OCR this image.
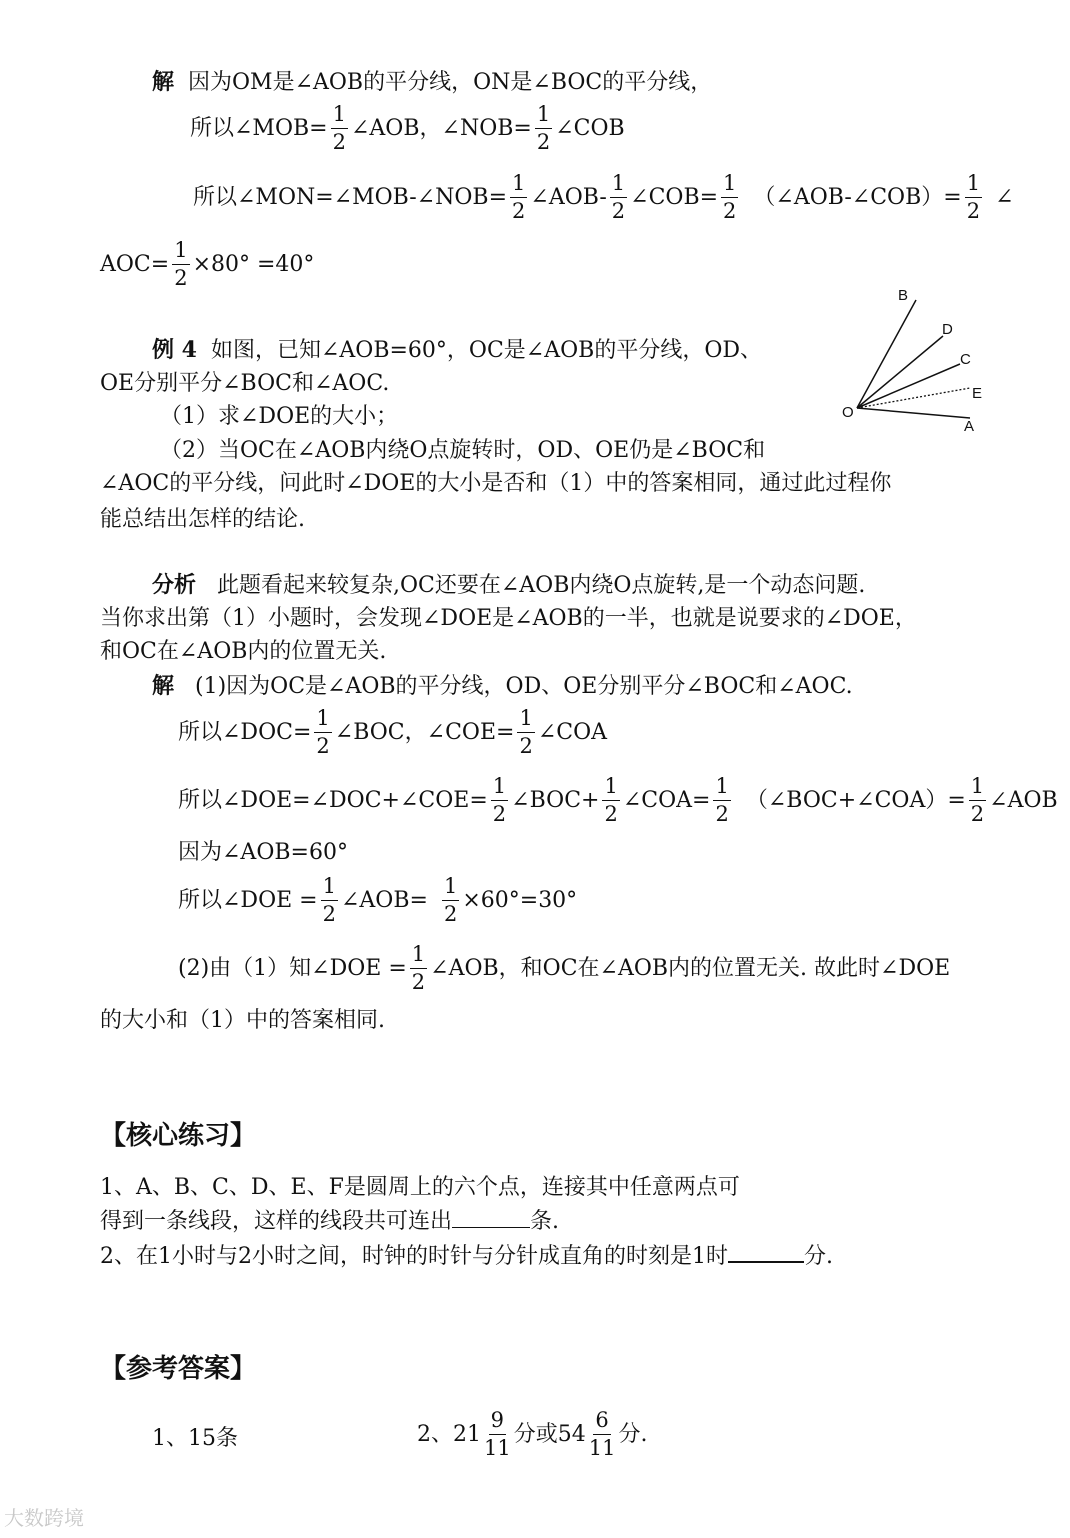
解 因为OM是∠AOB的平分线，ON是∠BOC的平分线，
所以∠MOB= $\frac{1}{2}$ ∠AOB，∠NOB= $\frac{1}{2}$ ∠COB
所以∠MON=∠MOB-∠NOB= $\frac{1}{2}$ ∠AOB- $\frac{1}{2}$ ∠COB= $\frac{1}{2}$ （∠AOB-∠COB）= $\frac{1}{2}$ ∠
$AOC= \frac{1}{2} \times 80^\circ =40^\circ$
B
D
C
E
O
A
例 4 如图，已知∠AOB=60°，OC是∠AOB的平分线，OD、
OE分别平分∠BOC和∠AOC.
（1）求∠DOE的大小；
（2）当OC在∠AOB内绕O点旋转时，OD、OE仍是∠BOC和
∠AOC的平分线，问此时∠DOE的大小是否和（1）中的答案相同，通过此过程你
能总结出怎样的结论.
分析 此题看起来较复杂,OC还要在∠AOB内绕O点旋转,是一个动态问题.
当你求出第（1）小题时，会发现∠DOE是∠AOB的一半，也就是说要求的∠DOE，
和OC在∠AOB内的位置无关.
解 (1)因为OC是∠AOB的平分线，OD、OE分别平分∠BOC和∠AOC.
所以∠DOC= $\frac{1}{2}$ ∠BOC，∠COE= $\frac{1}{2}$ ∠COA
所以∠DOE=∠DOC+∠COE= $\frac{1}{2}$ ∠BOC+ $\frac{1}{2}$ ∠COA= $\frac{1}{2}$ （∠BOC+∠COA）= $\frac{1}{2}$ ∠AOB
因为∠AOB=60°
所以∠DOE = $\frac{1}{2}$ ∠AOB= $\frac{1}{2} \times 60^\circ=30^\circ$
(2)由（1）知∠DOE = $\frac{1}{2}$ ∠AOB，和OC在∠AOB内的位置无关. 故此时∠DOE
的大小和（1）中的答案相同.
【核心练习】
1、A、B、C、D、E、F是圆周上的六个点，连接其中任意两点可
得到一条线段，这样的线段共可连出	条.
2、在1小时与2小时之间，时钟的时针与分针成直角的时刻是1时	分.
【参考答案】
1、15条	2、$21 \frac{9}{11}$ 分或$54 \frac{6}{11}$ 分.
大数跨境
